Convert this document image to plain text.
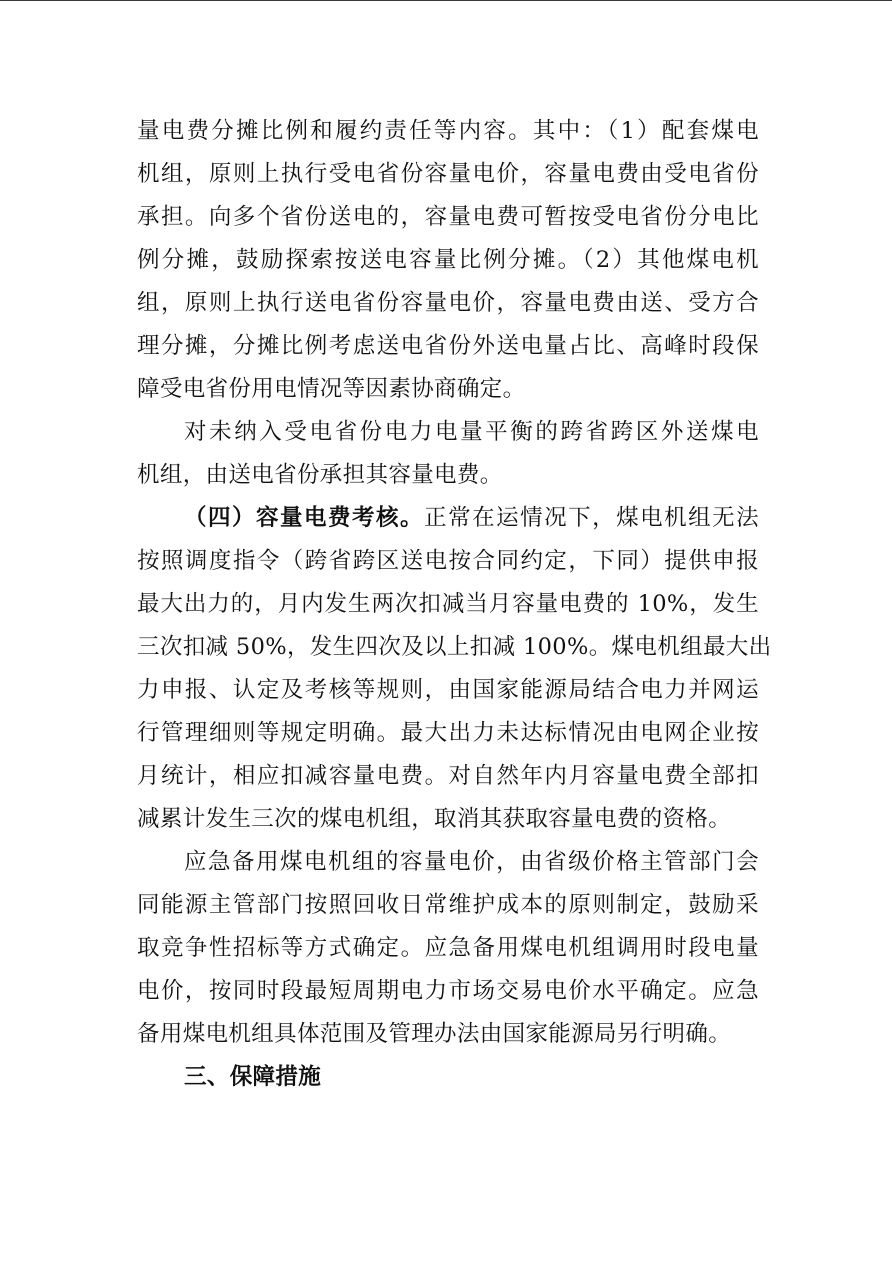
量电费分摊比例和履约责任等内容。其中：（1）配套煤电
机组，原则上执行受电省份容量电价，容量电费由受电省份
承担。向多个省份送电的，容量电费可暂按受电省份分电比
例分摊，鼓励探索按送电容量比例分摊。（2）其他煤电机
组，原则上执行送电省份容量电价，容量电费由送、受方合
理分摊，分摊比例考虑送电省份外送电量占比、高峰时段保
障受电省份用电情况等因素协商确定。
对未纳入受电省份电力电量平衡的跨省跨区外送煤电
机组，由送电省份承担其容量电费。
（四）容量电费考核。正常在运情况下，煤电机组无法
按照调度指令（跨省跨区送电按合同约定，下同）提供申报
最大出力的，月内发生两次扣减当月容量电费的 10%，发生
三次扣减 50%，发生四次及以上扣减 100%。煤电机组最大出
力申报、认定及考核等规则，由国家能源局结合电力并网运
行管理细则等规定明确。最大出力未达标情况由电网企业按
月统计，相应扣减容量电费。对自然年内月容量电费全部扣
减累计发生三次的煤电机组，取消其获取容量电费的资格。
应急备用煤电机组的容量电价，由省级价格主管部门会
同能源主管部门按照回收日常维护成本的原则制定，鼓励采
取竞争性招标等方式确定。应急备用煤电机组调用时段电量
电价，按同时段最短周期电力市场交易电价水平确定。应急
备用煤电机组具体范围及管理办法由国家能源局另行明确。
三、保障措施
